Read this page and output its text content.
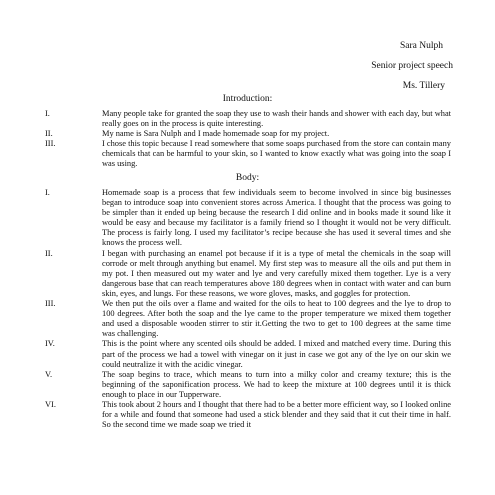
Sara Nulph
Senior project speech
Ms. Tillery
Introduction:
I.	Many people take for granted the soap they use to wash their hands and shower with each day, but what really goes on in the process is quite interesting.
II.	My name is Sara Nulph and I made homemade soap for my project.
III.	I chose this topic because I read somewhere that some soaps purchased from the store can contain many chemicals that can be harmful to your skin, so I wanted to know exactly what was going into the soap I was using.
Body:
I.	Homemade soap is a process that few individuals seem to become involved in since big businesses began to introduce soap into convenient stores across America. I thought that the process was going to be simpler than it ended up being because the research I did online and in books made it sound like it would be easy and because my facilitator is a family friend so I thought it would not be very difficult. The process is fairly long. I used my facilitator’s recipe because she has used it several times and she knows the process well.
II.	I began with purchasing an enamel pot because if it is a type of metal the chemicals in the soap will corrode or melt through anything but enamel. My first step was to measure all the oils and put them in my pot. I then measured out my water and lye and very carefully mixed them together. Lye is a very dangerous base that can reach temperatures above 180 degrees when in contact with water and can burn skin, eyes, and lungs. For these reasons, we wore gloves, masks, and goggles for protection.
III.	We then put the oils over a flame and waited for the oils to heat to 100 degrees and the lye to drop to 100 degrees. After both the soap and the lye came to the proper temperature we mixed them together and used a disposable wooden stirrer to stir it.Getting the two to get to 100 degrees at the same time was challenging.
IV.	This is the point where any scented oils should be added. I mixed and matched every time. During this part of the process we had a towel with vinegar on it just in case we got any of the lye on our skin we could neutralize it with the acidic vinegar.
V.	The soap begins to trace, which means to turn into a milky color and creamy texture; this is the beginning of the saponification process. We had to keep the mixture at 100 degrees until it is thick enough to place in our Tupperware.
VI.	This took about 2 hours and I thought that there had to be a better more efficient way, so I looked online for a while and found that someone had used a stick blender and they said that it cut their time in half. So the second time we made soap we tried it
